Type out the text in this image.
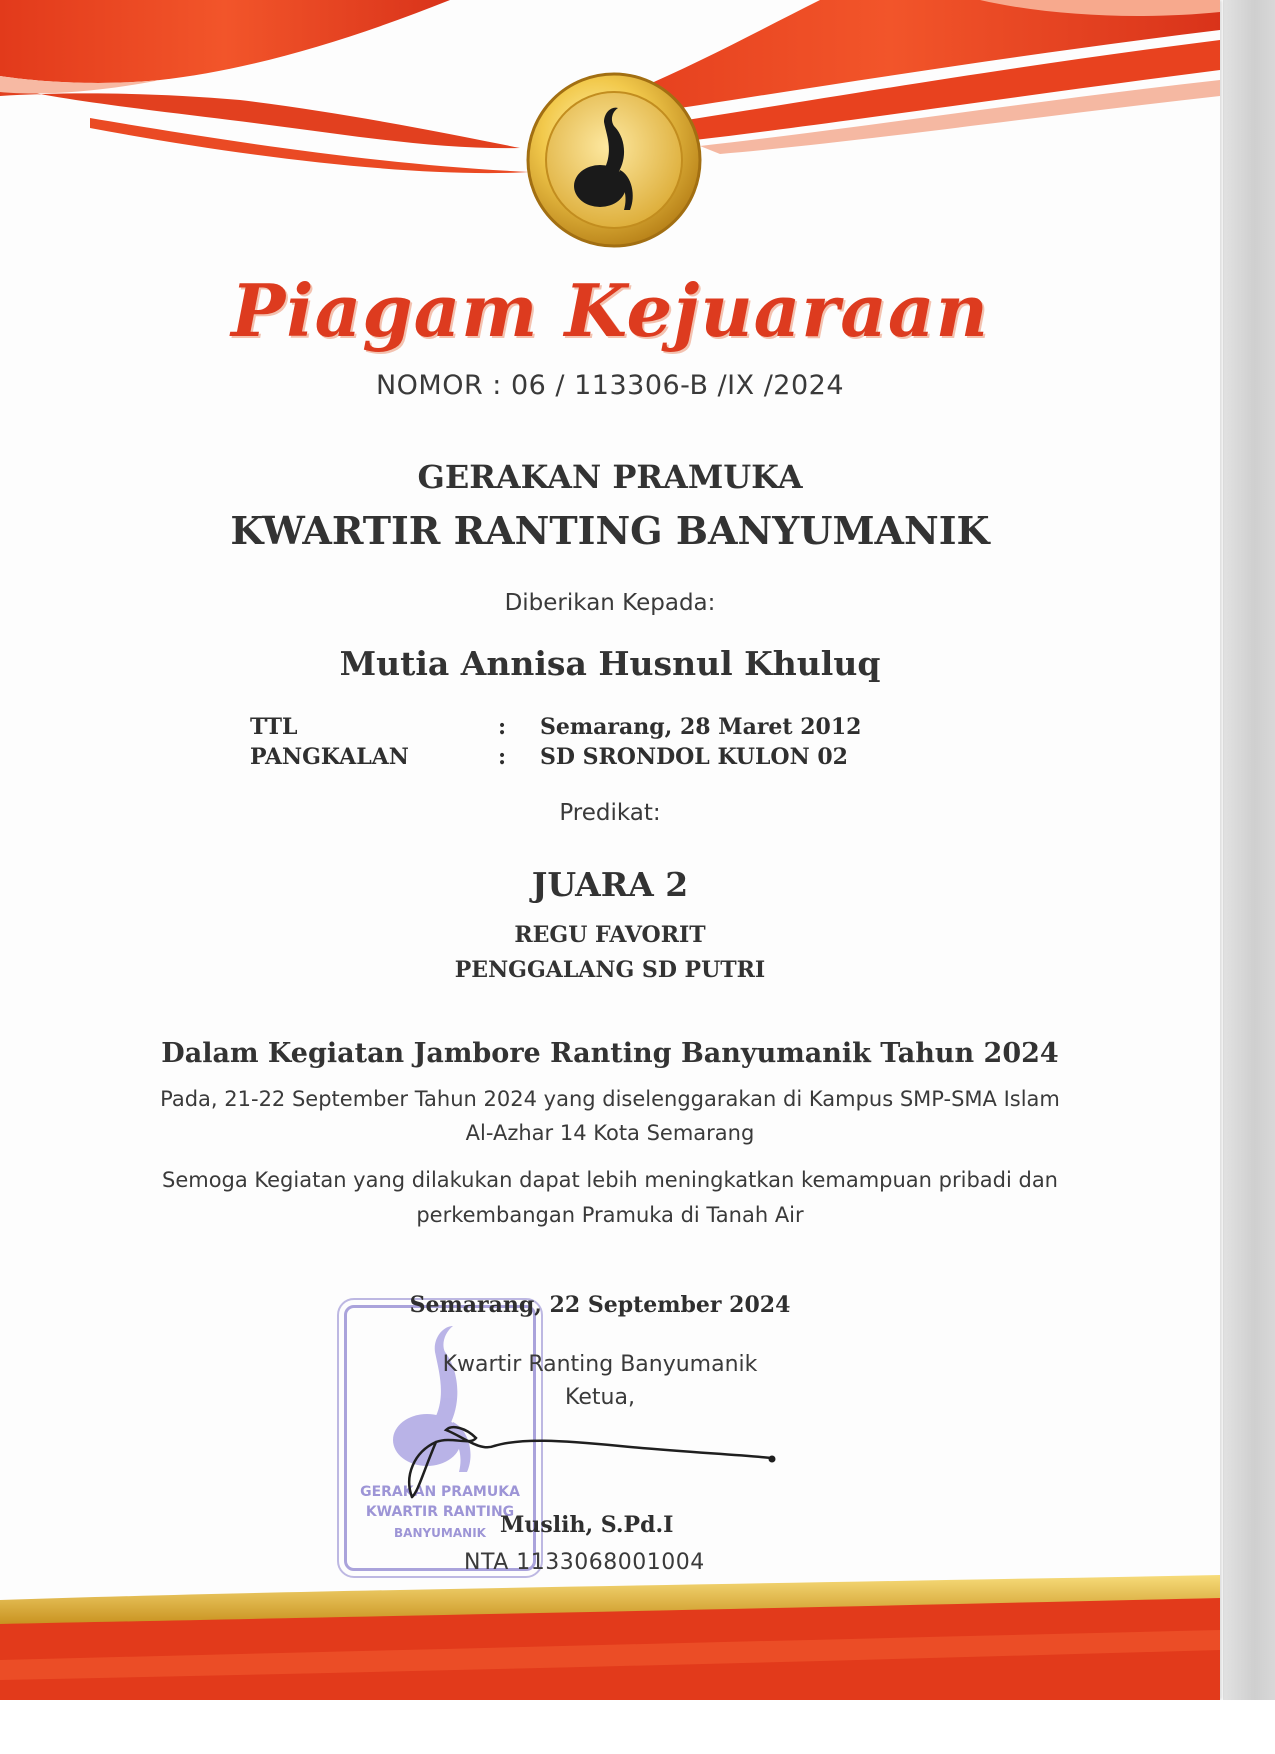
Piagam Kejuaraan
NOMOR : 06 / 113306-B /IX /2024
GERAKAN PRAMUKA
KWARTIR RANTING BANYUMANIK
Diberikan Kepada:
Mutia Annisa Husnul Khuluq
TTL	: Semarang, 28 Maret 2012
PANGKALAN	: SD SRONDOL KULON 02
Predikat:
JUARA 2
REGU FAVORIT
PENGGALANG SD PUTRI
Dalam Kegiatan Jambore Ranting Banyumanik Tahun 2024
Pada, 21-22 September Tahun 2024 yang diselenggarakan di Kampus SMP-SMA Islam
Al-Azhar 14 Kota Semarang
Semoga Kegiatan yang dilakukan dapat lebih meningkatkan kemampuan pribadi dan
perkembangan Pramuka di Tanah Air
GERAKAN PRAMUKA
KWARTIR RANTING
BANYUMANIK
Semarang, 22 September 2024
Kwartir Ranting Banyumanik
Ketua,
Muslih, S.Pd.I
NTA 1133068001004
